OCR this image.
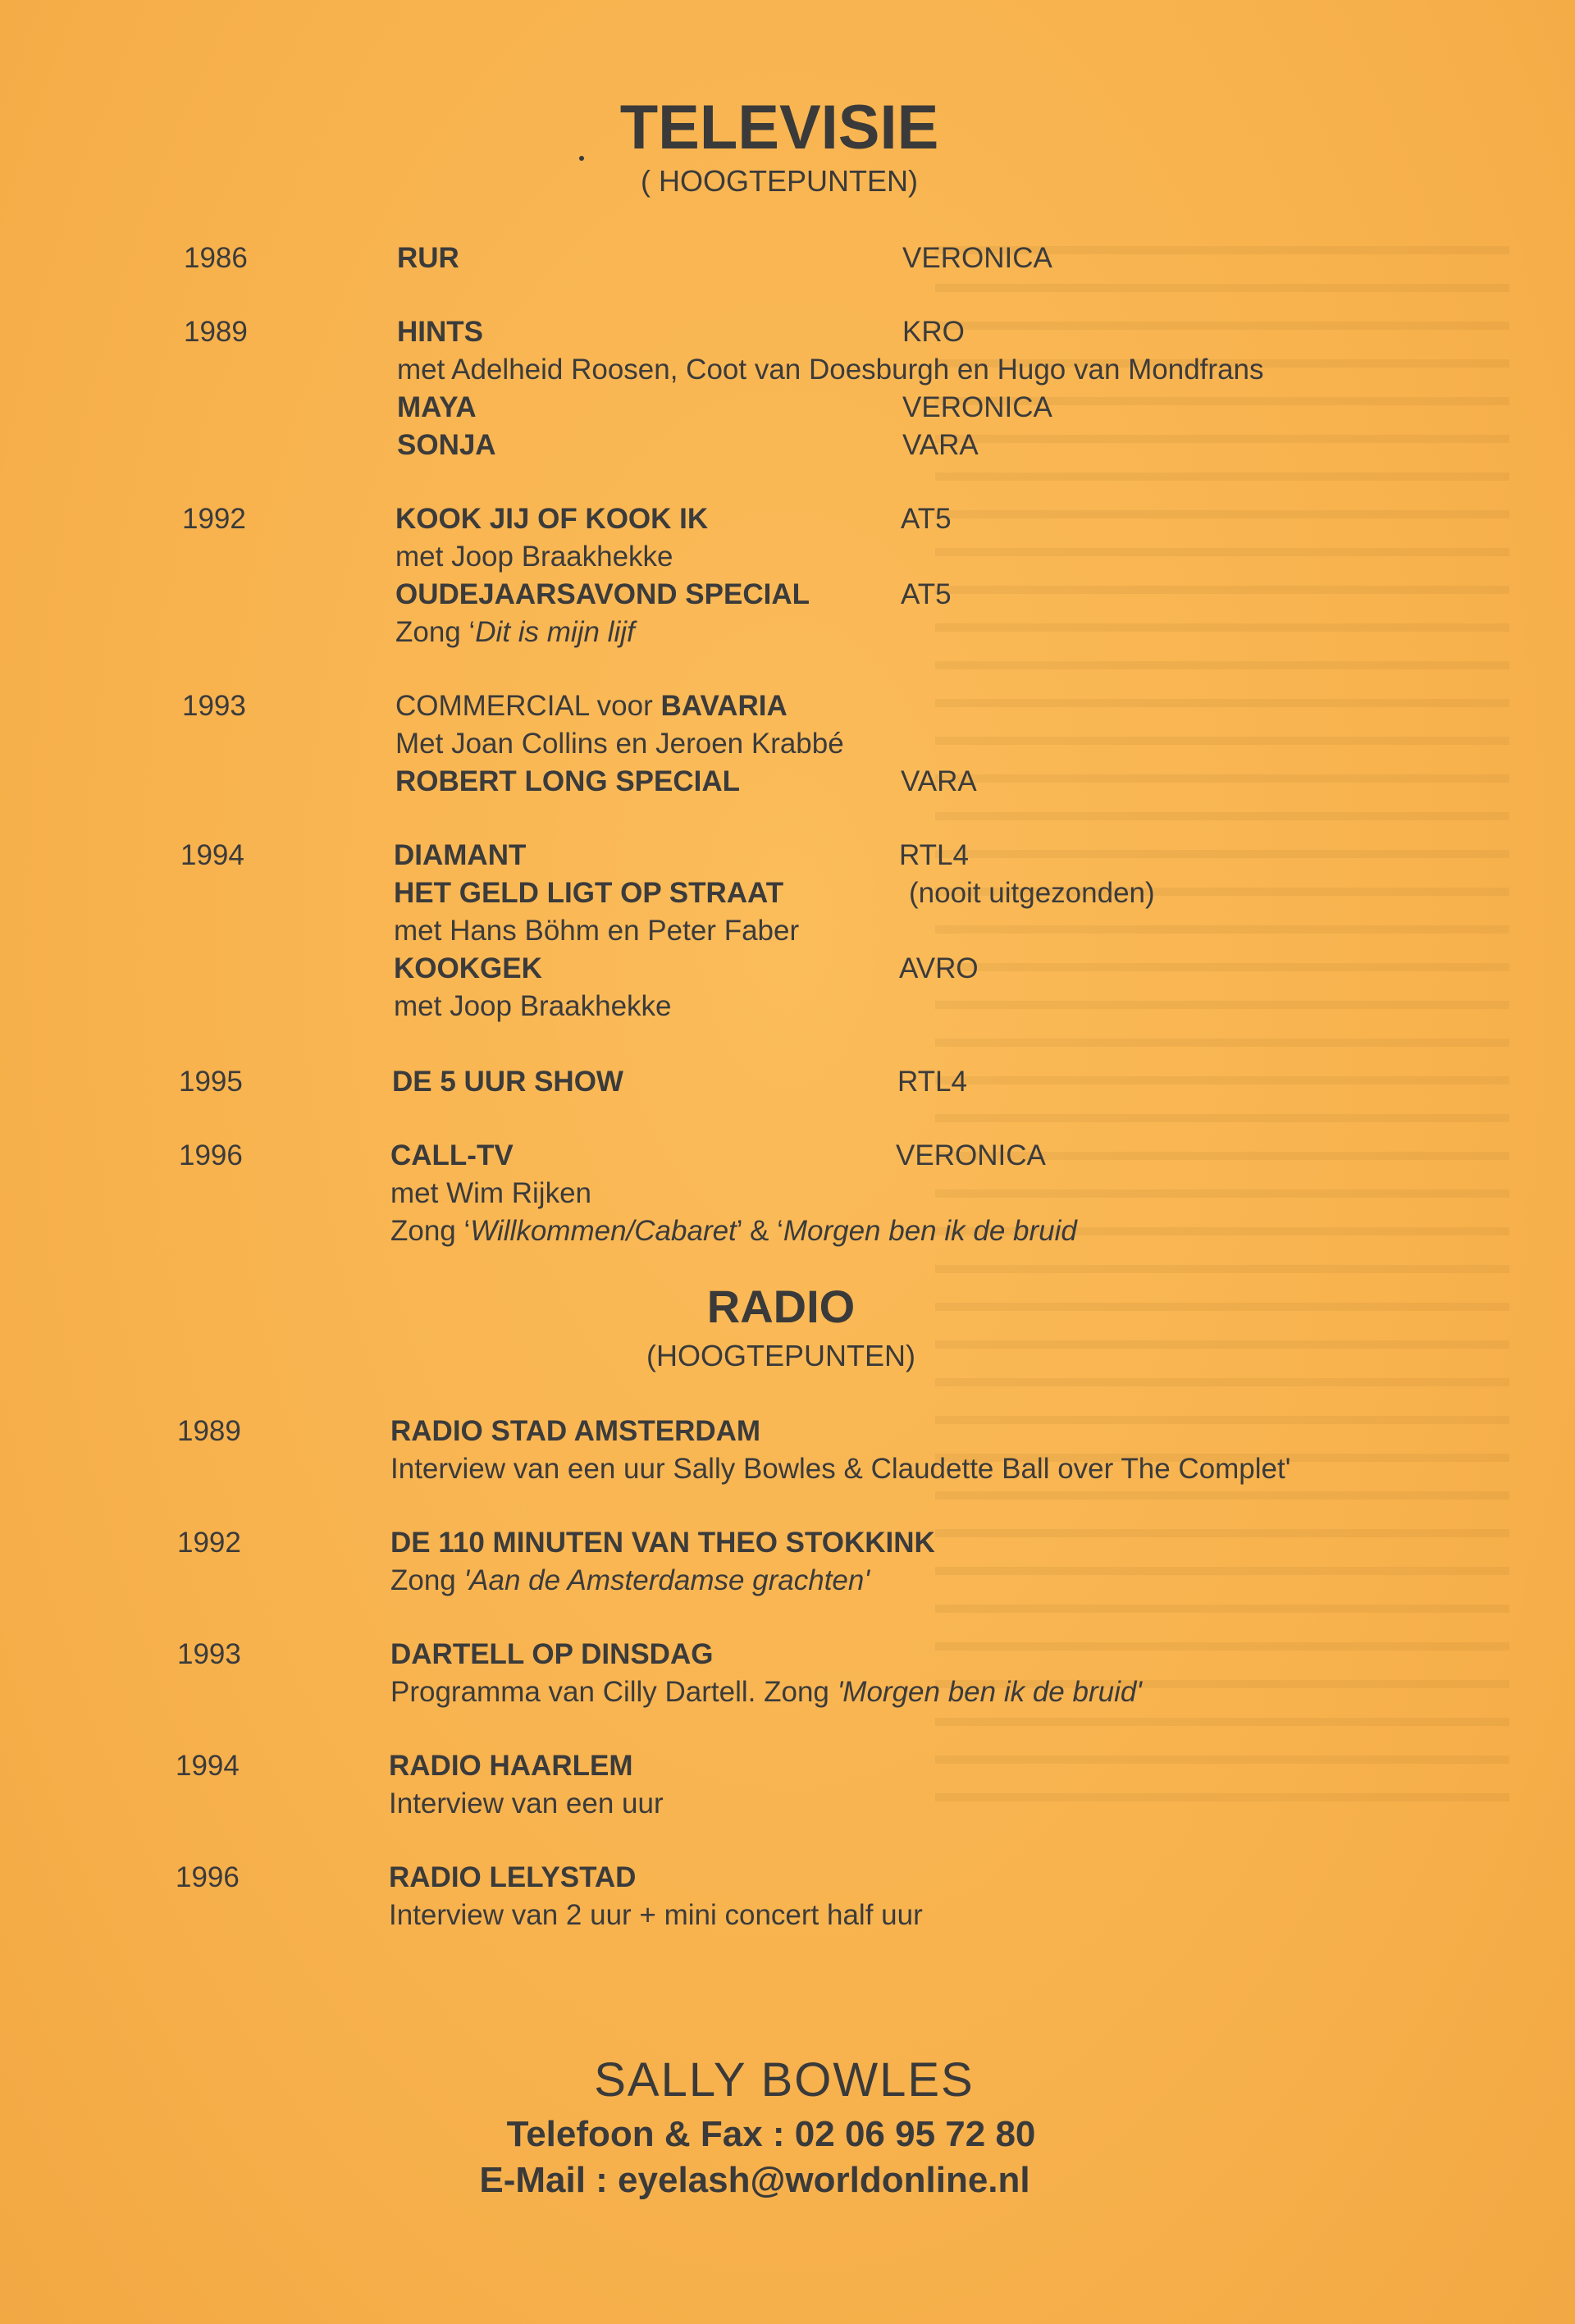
TELEVISIE
( HOOGTEPUNTEN)
1986	RUR	VERONICA
1989	HINTS	KRO
met Adelheid Roosen, Coot van Doesburgh en Hugo van Mondfrans
MAYA	VERONICA
SONJA	VARA
1992	KOOK JIJ OF KOOK IK	AT5
met Joop Braakhekke
OUDEJAARSAVOND SPECIAL	AT5
Zong ‘Dit is mijn lijf
1993	COMMERCIAL voor BAVARIA
Met Joan Collins en Jeroen Krabbé
ROBERT LONG SPECIAL	VARA
1994	DIAMANT	RTL4
HET GELD LIGT OP STRAAT	(nooit uitgezonden)
met Hans Böhm en Peter Faber
KOOKGEK	AVRO
met Joop Braakhekke
1995	DE 5 UUR SHOW	RTL4
1996	CALL-TV	VERONICA
met Wim Rijken
Zong ‘Willkommen/Cabaret’ & ‘Morgen ben ik de bruid
RADIO
(HOOGTEPUNTEN)
1989	RADIO STAD AMSTERDAM
Interview van een uur Sally Bowles & Claudette Ball over The Complet'
1992	DE 110 MINUTEN VAN THEO STOKKINK
Zong 'Aan de Amsterdamse grachten'
1993	DARTELL OP DINSDAG
Programma van Cilly Dartell. Zong 'Morgen ben ik de bruid'
1994	RADIO HAARLEM
Interview van een uur
1996	RADIO LELYSTAD
Interview van 2 uur + mini concert half uur
SALLY BOWLES
Telefoon & Fax : 02 06 95 72 80
E-Mail : eyelash@worldonline.nl
